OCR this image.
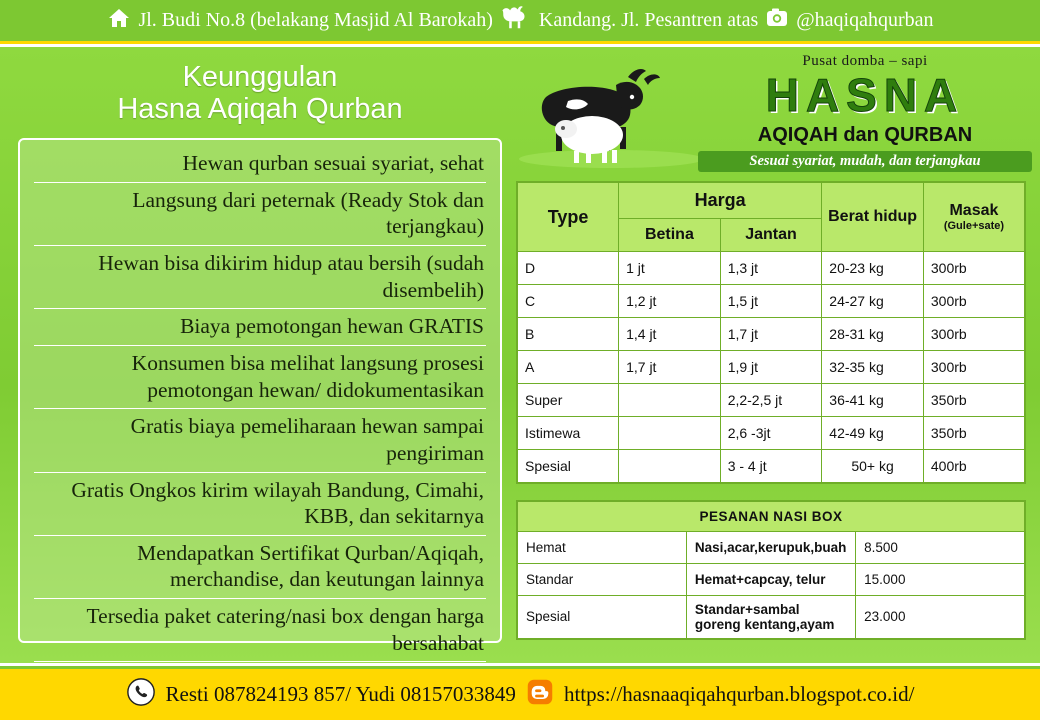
Jl. Budi No.8 (belakang Masjid Al Barokah) Kandang. Jl. Pesantren atas @haqiqahqurban
Keunggulan
Hasna Aqiqah Qurban
Hewan qurban sesuai syariat, sehat
Langsung dari peternak (Ready Stok dan terjangkau)
Hewan bisa dikirim hidup atau bersih (sudah disembelih)
Biaya pemotongan hewan GRATIS
Konsumen bisa melihat langsung prosesi pemotongan hewan/ didokumentasikan
Gratis biaya pemeliharaan hewan sampai pengiriman
Gratis Ongkos kirim wilayah Bandung, Cimahi, KBB, dan sekitarnya
Mendapatkan Sertifikat Qurban/Aqiqah, merchandise, dan keutungan lainnya
Tersedia paket catering/nasi box dengan harga bersahabat
Pusat domba – sapi
HASNA
AQIQAH dan QURBAN
Sesuai syariat, mudah, dan terjangkau
Type	Harga		Berat hidup	Masak
(Gule+sate)

	Betina	Jantan		
D	1 jt	1,3 jt	20-23 kg	300rb
C	1,2 jt	1,5 jt	24-27 kg	300rb
B	1,4 jt	1,7 jt	28-31 kg	300rb
A	1,7 jt	1,9 jt	32-35 kg	300rb
Super		2,2-2,5 jt	36-41 kg	350rb
Istimewa		2,6 -3jt	42-49 kg	350rb
Spesial		3 - 4 jt	50+ kg	400rb
PESANAN NASI BOX		
Hemat	Nasi,acar,kerupuk,buah	8.500
Standar	Hemat+capcay, telur	15.000
Spesial	Standar+sambal goreng kentang,ayam	23.000
Resti 087824193 857/ Yudi 08157033849 https://hasnaaqiqahqurban.blogspot.co.id/
